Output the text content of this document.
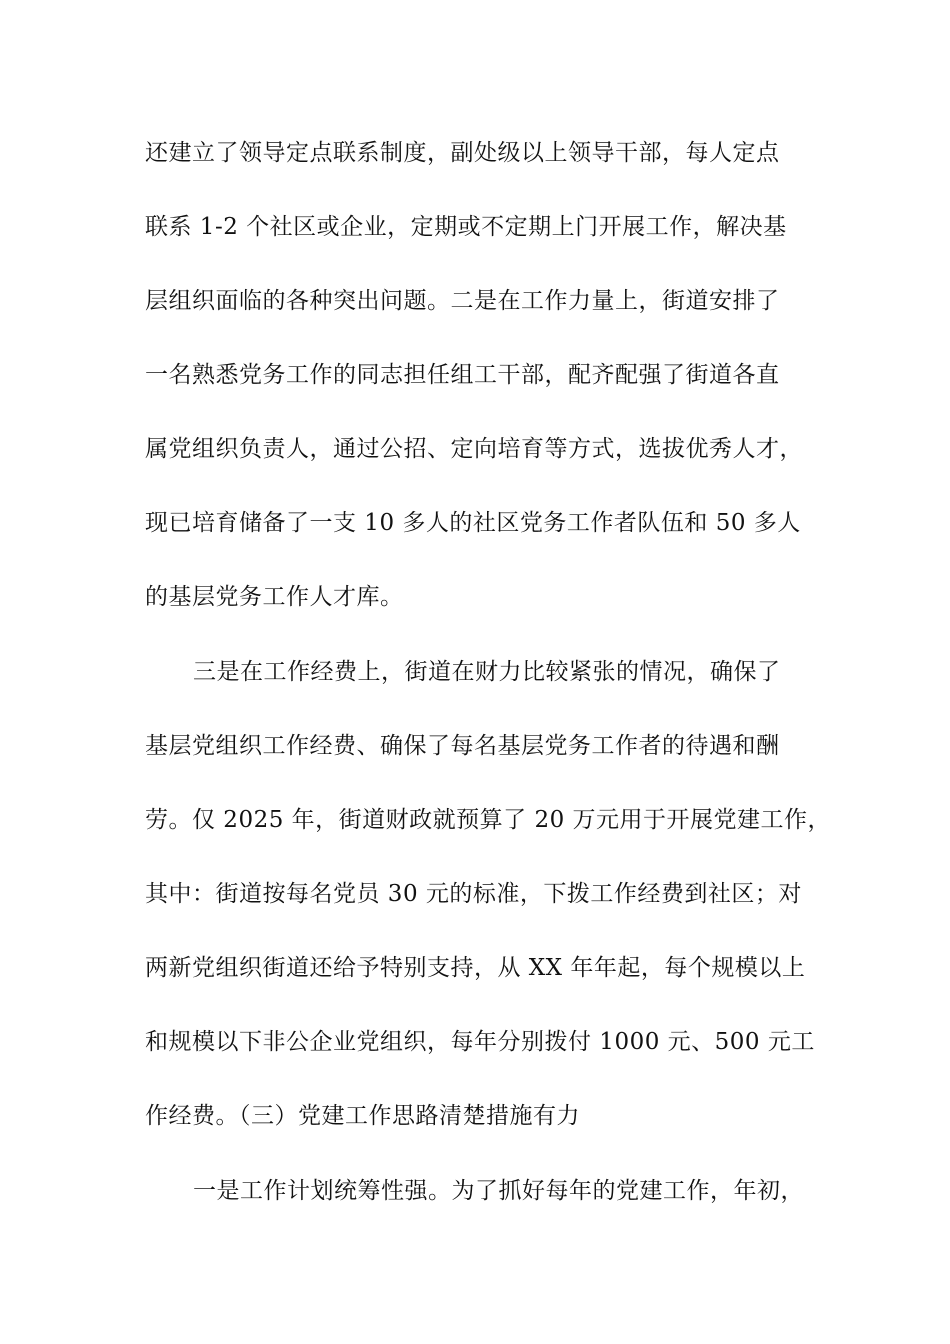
还建立了领导定点联系制度，副处级以上领导干部，每人定点
联系 1-2 个社区或企业，定期或不定期上门开展工作，解决基
层组织面临的各种突出问题。二是在工作力量上，街道安排了
一名熟悉党务工作的同志担任组工干部，配齐配强了街道各直
属党组织负责人，通过公招、定向培育等方式，选拔优秀人才，
现已培育储备了一支 10 多人的社区党务工作者队伍和 50 多人
的基层党务工作人才库。
三是在工作经费上，街道在财力比较紧张的情况，确保了
基层党组织工作经费、确保了每名基层党务工作者的待遇和酬
劳。仅 2025 年，街道财政就预算了 20 万元用于开展党建工作，
其中：街道按每名党员 30 元的标准，下拨工作经费到社区；对
两新党组织街道还给予特别支持，从 XX 年年起，每个规模以上
和规模以下非公企业党组织，每年分别拨付 1000 元、500 元工
作经费。（三）党建工作思路清楚措施有力
一是工作计划统筹性强。为了抓好每年的党建工作，年初，
